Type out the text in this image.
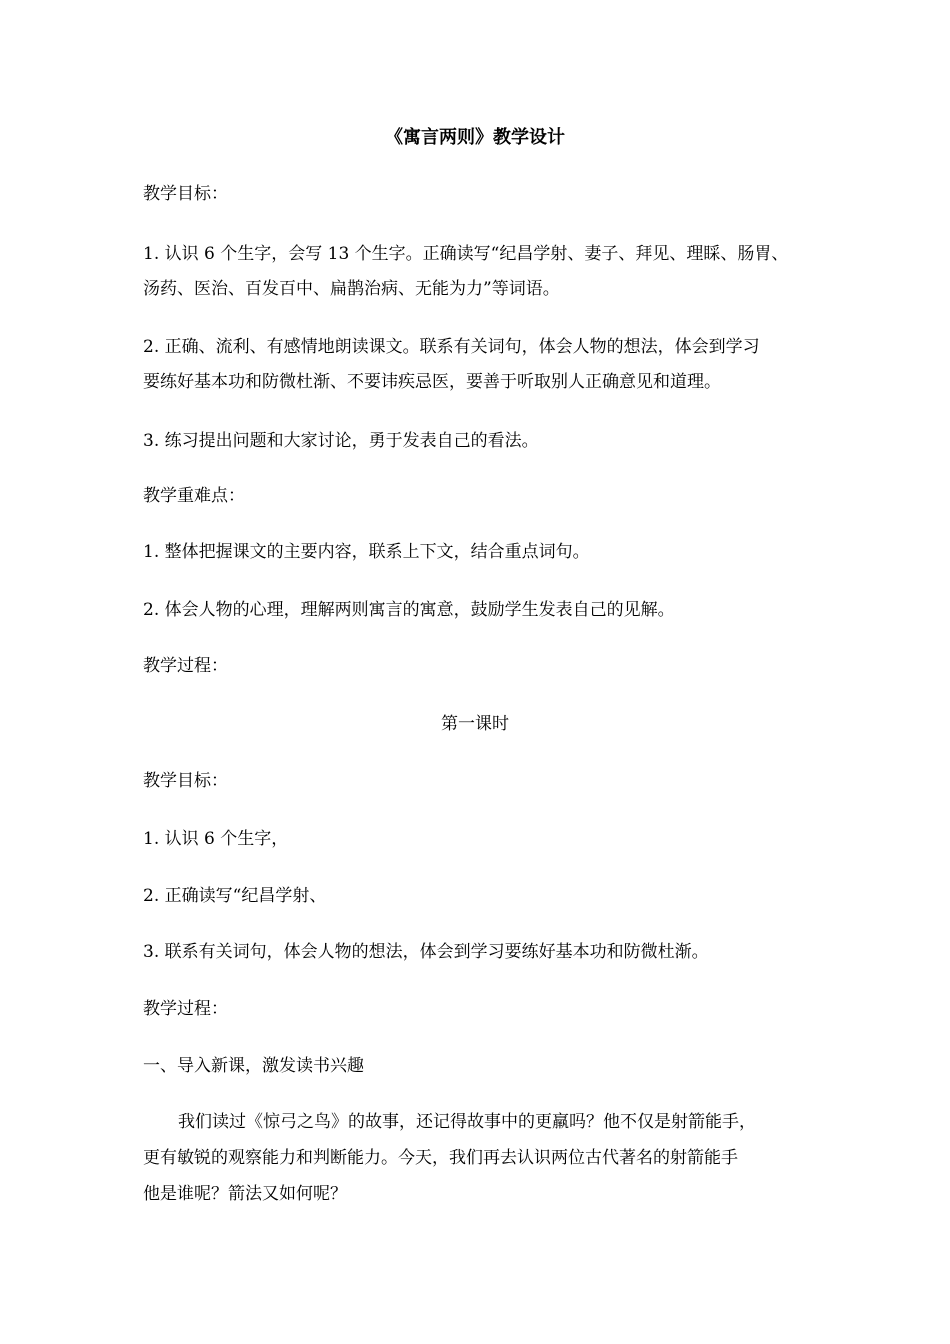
《寓言两则》教学设计
教学目标：
1. 认识 6 个生字，会写 13 个生字。正确读写“纪昌学射、妻子、拜见、理睬、肠胃、
汤药、医治、百发百中、扁鹊治病、无能为力”等词语。
2. 正确、流利、有感情地朗读课文。联系有关词句，体会人物的想法，体会到学习
要练好基本功和防微杜渐、不要讳疾忌医，要善于听取别人正确意见和道理。
3. 练习提出问题和大家讨论，勇于发表自己的看法。
教学重难点：
1. 整体把握课文的主要内容，联系上下文，结合重点词句。
2. 体会人物的心理，理解两则寓言的寓意，鼓励学生发表自己的见解。
教学过程：
第一课时
教学目标：
1. 认识 6 个生字，
2. 正确读写“纪昌学射、
3. 联系有关词句，体会人物的想法，体会到学习要练好基本功和防微杜渐。
教学过程：
一、导入新课，激发读书兴趣
我们读过《惊弓之鸟》的故事，还记得故事中的更羸吗？他不仅是射箭能手，
更有敏锐的观察能力和判断能力。今天，我们再去认识两位古代著名的射箭能手
他是谁呢？箭法又如何呢？
